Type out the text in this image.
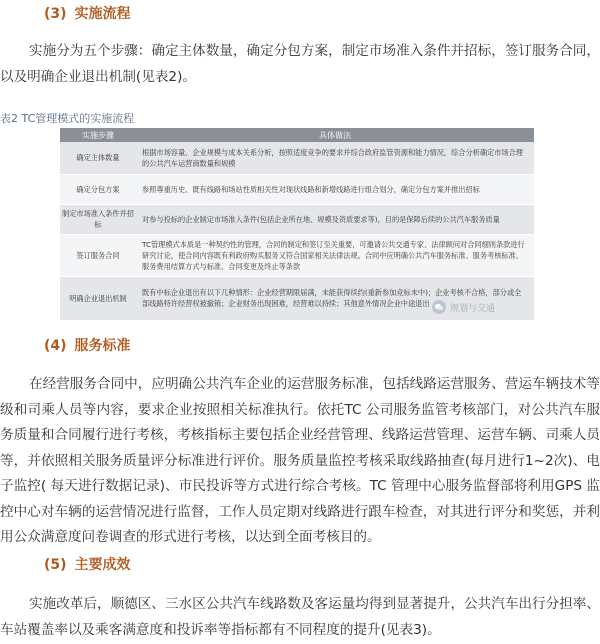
(3) 实施流程

实施分为五个步骤：确定主体数量，确定分包方案，制定市场准入条件并招标，签订服务合同， 以及明确企业退出机制(见表2)。

表2 TC管理模式的实施流程
实施步骤	具体做法
确定主体数量	根据市场容量、企业规模与成本关系分析，按照适度竞争的要求并综合政府监管资源和能力情况，综合分析确定市场合理的公共汽车运营商数量和规模
确定分包方案	参照尊重历史、既有线路和场站性质相关性对现状线路和新增线路进行组合划分，确定分包方案并推出招标
制定市场准入条件并招标	对参与投标的企业制定市场准入条件(包括企业所在地、规模及资质要求等)，目的是保障后续的公共汽车服务质量
签订服务合同	TC管理模式本质是一种契约性的管理，合同的制定和签订至关重要，可邀请公共交通专家、法律顾问对合同细则条款进行研究讨论，使合同内容既有利政府购买服务又符合国家相关法律法规。合同中应明确公共汽车服务标准、服务考核标准、服务费用结算方式与标准、合同变更及终止等条款
明确企业退出机制	既有中标企业退出有以下几种情形：企业经营期限届满，未能获得续约(重新参加竞标未中)；企业考核不合格，部分或全部线路特许经营权被撤销；企业财务出现困难，经营难以持续；其他意外情况企业中途退出 规划与交通
(4) 服务标准

在经营服务合同中，应明确公共汽车企业的运营服务标准，包括线路运营服务、营运车辆技术等级和司乘人员等内容，要求企业按照相关标准执行。依托TC 公司服务监管考核部门，对公共汽车服务质量和合同履行进行考核，考核指标主要包括企业经营管理、线路运营管理、运营车辆、司乘人员等，并依照相关服务质量评分标准进行评价。服务质量监控考核采取线路抽查(每月进行1~2次)、电子监控( 每天进行数据记录)、市民投诉等方式进行综合考核。TC 管理中心服务监督部将利用GPS 监控中心对车辆的运营情况进行监督，工作人员定期对线路进行跟车检查，对其进行评分和奖惩，并利用公众满意度问卷调查的形式进行考核，以达到全面考核目的。

(5) 主要成效

实施改革后，顺德区、三水区公共汽车线路数及客运量均得到显著提升，公共汽车出行分担率、车站覆盖率以及乘客满意度和投诉率等指标都有不同程度的提升(见表3)。
